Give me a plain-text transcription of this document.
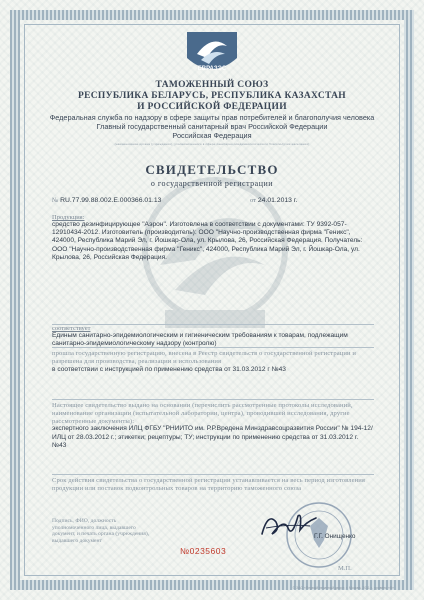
ЕВРАЗЭС
ТАМОЖЕННЫЙ СОЮЗ
РЕСПУБЛИКА БЕЛАРУСЬ, РЕСПУБЛИКА КАЗАХСТАН
И РОССИЙСКОЙ ФЕДЕРАЦИИ
Федеральная служба по надзору в сфере защиты прав потребителей и благополучия человека
Главный государственный санитарный врач Российской Федерации
Российская Федерация
(наименование органа (учреждения), уполномоченного в сфере санитарно-эпидемиологического благополучия населения)
СВИДЕТЕЛЬСТВО
о государственной регистрации
№ RU.77.99.88.002.Е.000366.01.13	от 24.01.2013 г.
Продукция:
средство дезинфицирующее "Аэрон". Изготовлена в соответствии с документами: ТУ 9392-057-12910434-2012. Изготовитель (производитель): ООО "Научно-производственная фирма "Геникс", 424000, Республика Марий Эл, г. Йошкар-Ола, ул. Крылова, 26, Российская Федерация. Получатель: ООО "Научно-производственная фирма "Геникс", 424000, Республика Марий Эл, г. Йошкар-Ола, ул. Крылова, 26, Российская Федерация.
соответствует
Единым санитарно-эпидемиологическим и гигиеническим требованиям к товарам, подлежащим санитарно-эпидемиологическому надзору (контролю)
прошла государственную регистрацию, внесена в Реестр свидетельств о государственной регистрации и разрешена для производства, реализации и использования
в соответствии с инструкцией по применению средства от 31.03.2012 г №43
Настоящее свидетельство выдано на основании (перечислить рассмотренные протоколы исследований, наименование организации (испытательной лаборатории, центра), проводившей исследования, другие рассмотренные документы):
экспертного заключения ИЛЦ ФГБУ "РНИИТО им. Р.Р.Вредена Минздравсоцразвития России" № 194-12/ИЛЦ от 28.03.2012 г.; этикетки; рецептуры; ТУ; инструкции по применению средства от 31.03.2012 г. №43
Срок действия свидетельства о государственной регистрации устанавливается на весь период изготовления продукции или поставок подконтрольных товаров на территорию таможенного союза
Подпись, ФИО, должность уполномоченного лица, выдавшего документ, и печать органа (учреждения), выдавшего документ
Г.Г. Онищенко
М.П.
№0235603
© ЗАО «Первый печатный двор», г. Москва, 2011 г., уровень «В»
